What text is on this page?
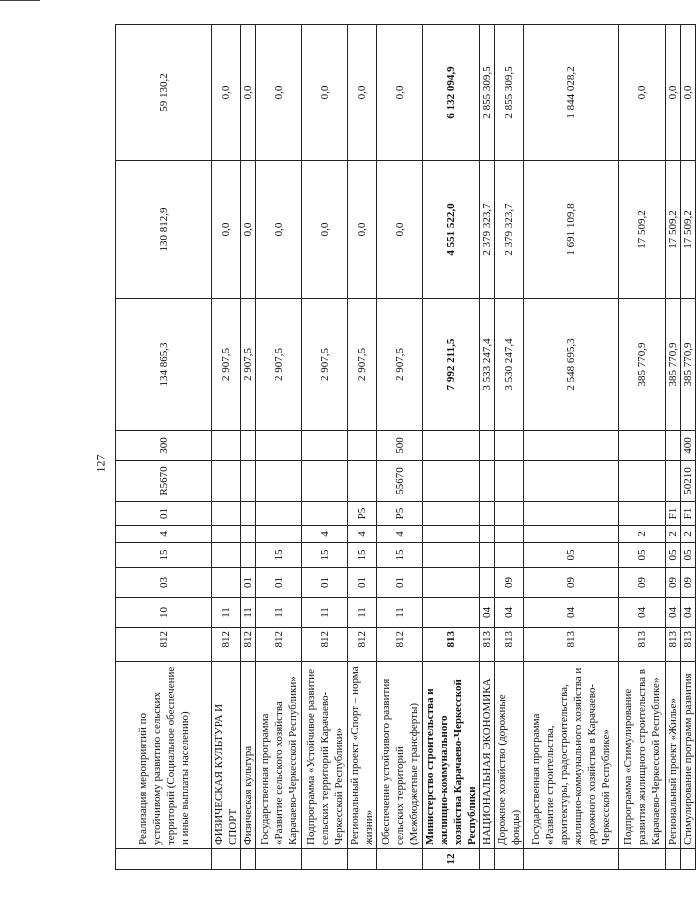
127
	Реализация мероприятий по устойчивому развитию сельских территорий (Социальное обеспечение и иные выплаты населению)	812	10	03	15	4	01	R5670	300	134 865,3	130 812,9	59 130,2
	ФИЗИЧЕСКАЯ КУЛЬТУРА И СПОРТ	812	11							2 907,5	0,0	0,0
	Физическая культура	812	11	01						2 907,5	0,0	0,0
	Государственная программа «Развитие сельского хозяйства Карачаево-Черкесской Республики»	812	11	01	15					2 907,5	0,0	0,0
	Подпрограмма «Устойчивое развитие сельских территорий Карачаево-Черкесской Республики»	812	11	01	15	4				2 907,5	0,0	0,0
	Региональный проект «Спорт – норма жизни»	812	11	01	15	4	P5			2 907,5	0,0	0,0
	Обеспечение устойчивого развития сельских территорий (Межбюджетные трансферты)	812	11	01	15	4	P5	55670	500	2 907,5	0,0	0,0
12	Министерство строительства и жилищно-коммунального хозяйства Карачаево-Черкесской Республики	813								7 992 211,5	4 551 522,0	6 132 094,9
	НАЦИОНАЛЬНАЯ ЭКОНОМИКА	813	04							3 533 247,4	2 379 323,7	2 855 309,5
	Дорожное хозяйство (дорожные фонды)	813	04	09						3 530 247,4	2 379 323,7	2 855 309,5
	Государственная программа «Развитие строительства, архитектуры, градостроительства, жилищно-коммунального хозяйства и дорожного хозяйства в Карачаево-Черкесской Республике»	813	04	09	05					2 548 695,3	1 691 109,8	1 844 028,2
	Подпрограмма «Стимулирование развития жилищного строительства в Карачаево-Черкесской Республике»	813	04	09	05	2				385 770,9	17 509,2	0,0
	Региональный проект «Жилье»	813	04	09	05	2	F1			385 770,9	17 509,2	0,0
	Стимулирование программ развития	813	04	09	05	2	F1	50210	400	385 770,9	17 509,2	0,0
